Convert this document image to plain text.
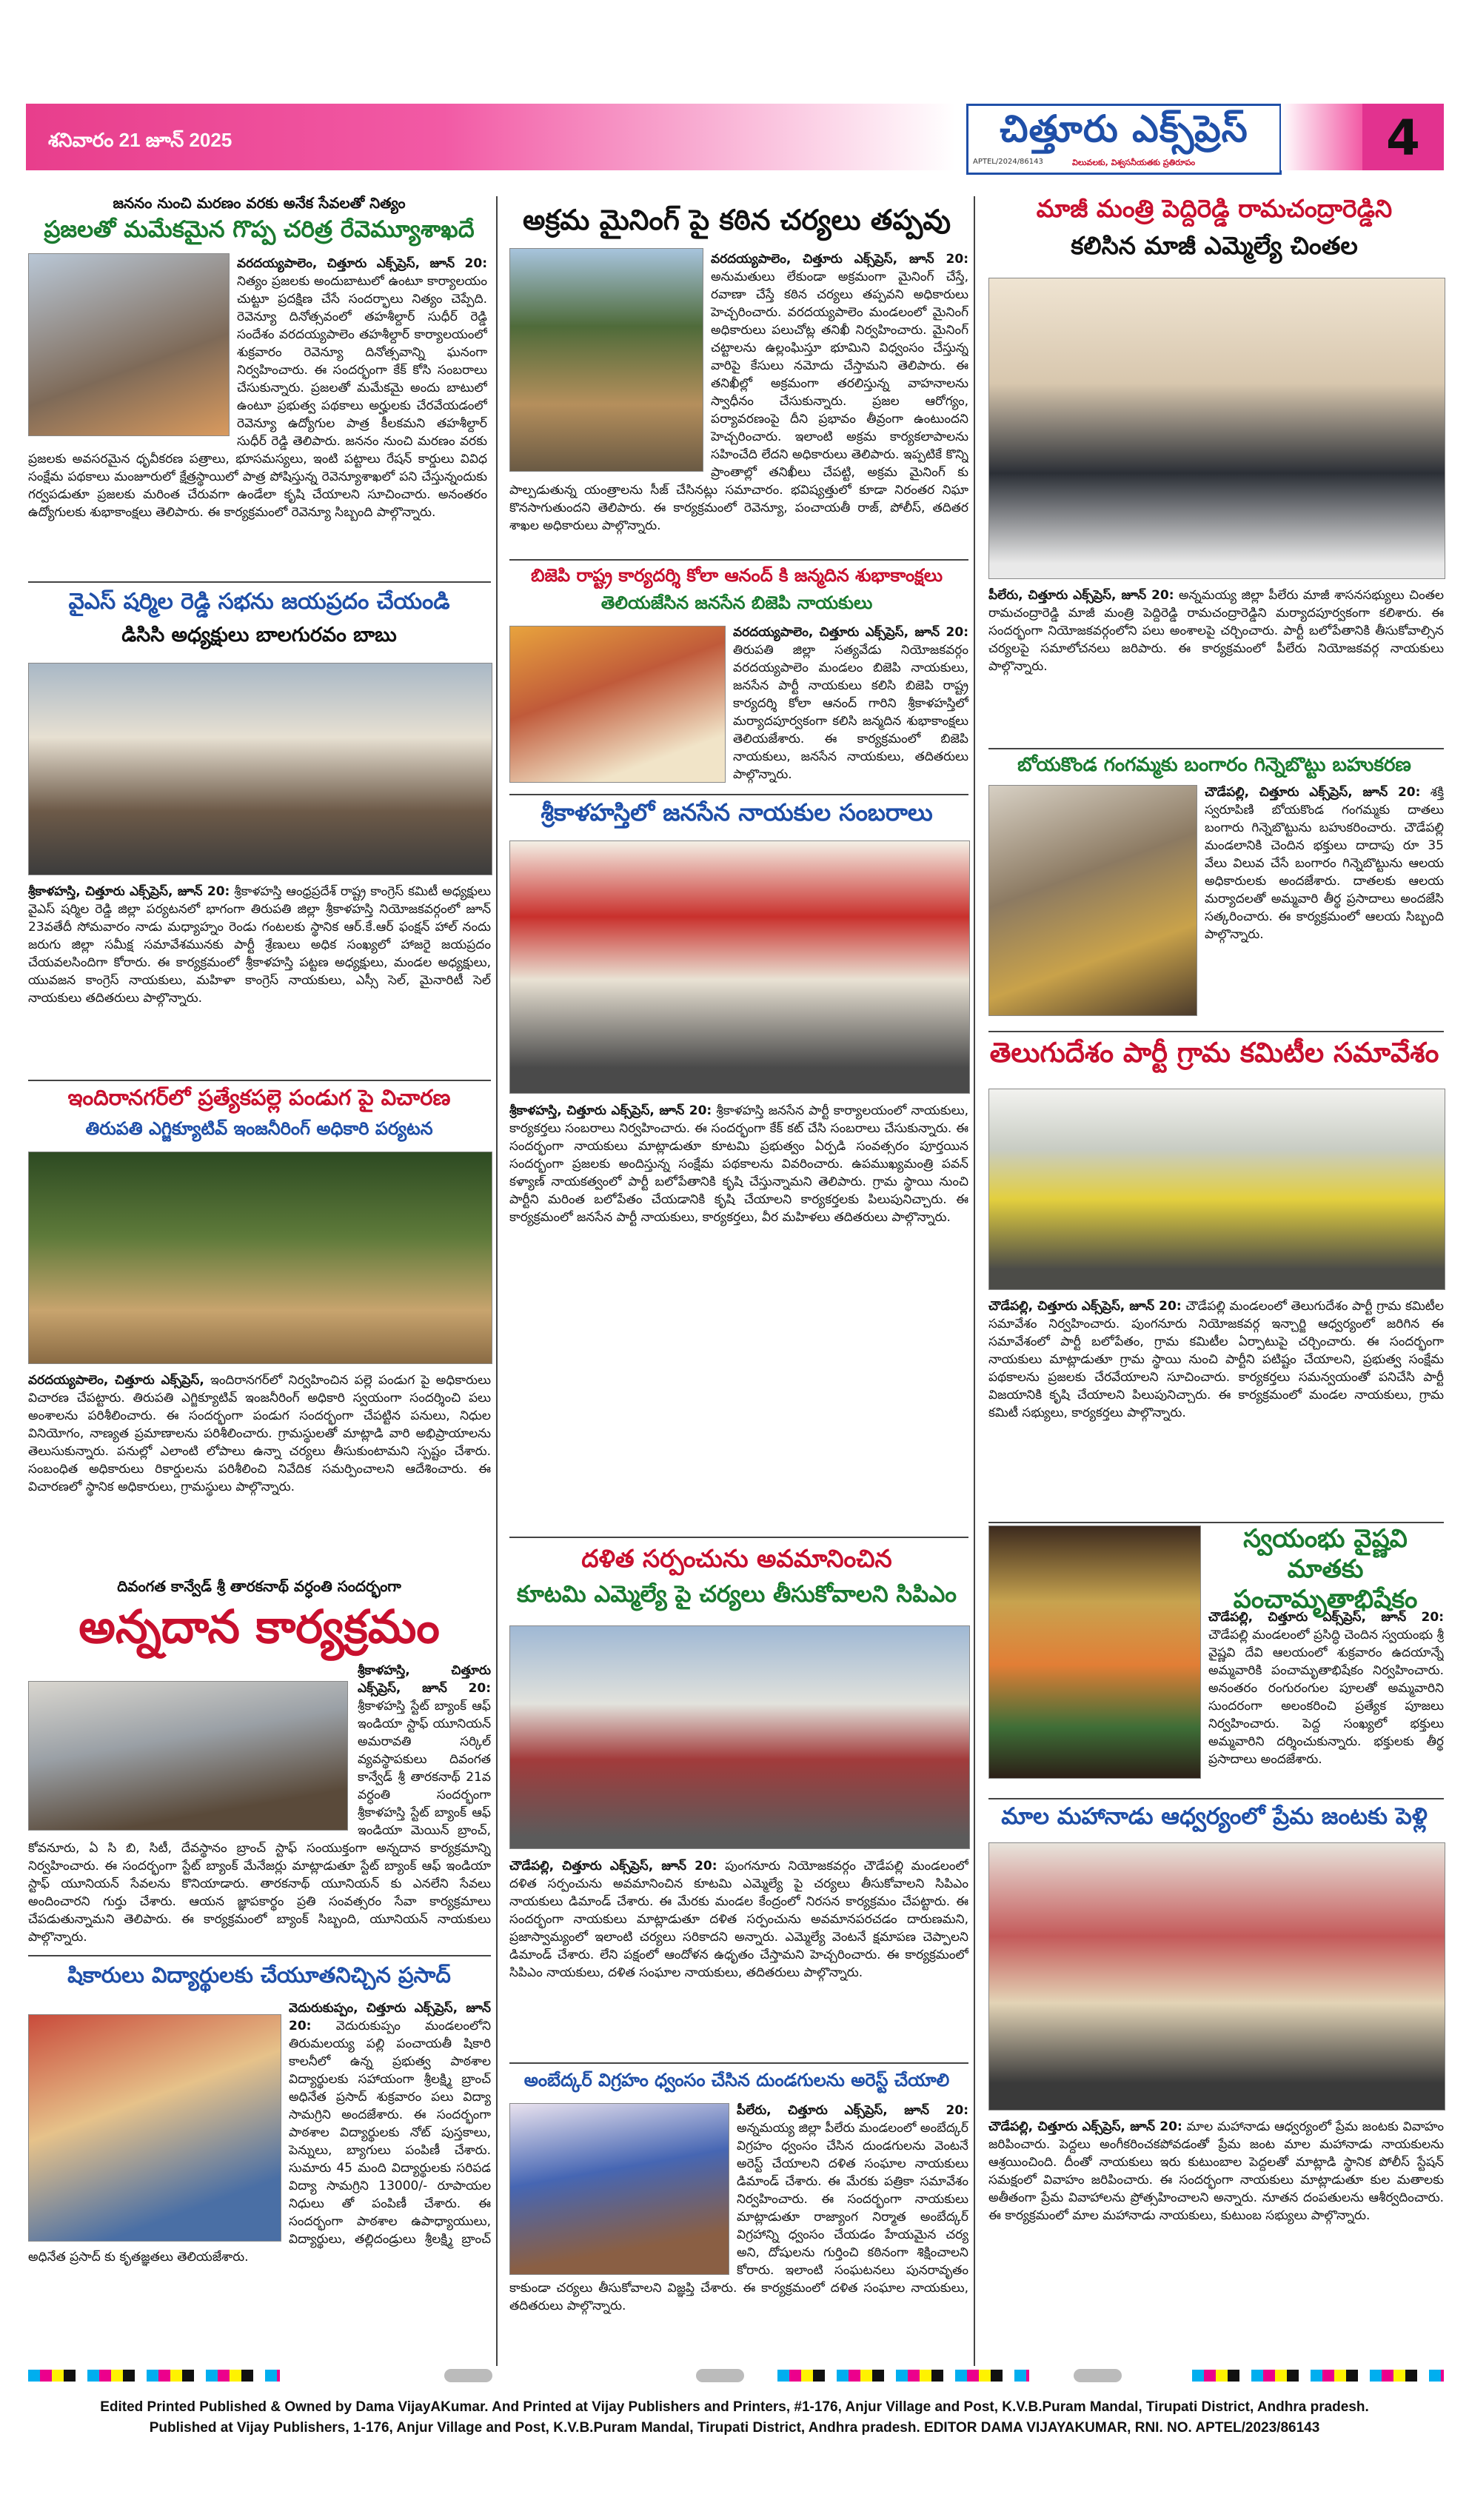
శనివారం 21 జూన్ 2025	చిత్తూరు ఎక్స్‌ప్రెస్
APTEL/2024/86143	విలువలకు, విశ్వసనీయతకు ప్రతిరూపం	4
జననం నుంచి మరణం వరకు అనేక సేవలతో నిత్యం
ప్రజలతో మమేకమైన గొప్ప చరిత్ర రేవెమ్యూశాఖదే
వరదయ్యపాలెం, చిత్తూరు ఎక్స్‌ప్రెస్, జూన్ 20: నిత్యం ప్రజలకు అందుబాటులో ఉంటూ కార్యాలయం చుట్టూ ప్రదక్షిణ చేసే సందర్భాలు నిత్యం చెప్పేది. రెవెన్యూ దినోత్సవంలో తహశీల్దార్ సుధీర్ రెడ్డి సందేశం వరదయ్యపాలెం తహశీల్దార్ కార్యాలయంలో శుక్రవారం రెవెన్యూ దినోత్సవాన్ని ఘనంగా నిర్వహించారు. ఈ సందర్భంగా కేక్ కోసి సంబరాలు చేసుకున్నారు. ప్రజలతో మమేకమై అందు బాటులో ఉంటూ ప్రభుత్వ పథకాలు అర్హులకు చేరవేయడంలో రెవెన్యూ ఉద్యోగుల పాత్ర కీలకమని తహశీల్దార్ సుధీర్ రెడ్డి తెలిపారు. జననం నుంచి మరణం వరకు ప్రజలకు అవసరమైన ధృవీకరణ పత్రాలు, భూసమస్యలు, ఇంటి పట్టాలు రేషన్ కార్డులు వివిధ సంక్షేమ పథకాలు మంజూరులో క్షేత్రస్థాయిలో పాత్ర పోషిస్తున్న రెవెన్యూశాఖలో పని చేస్తున్నందుకు గర్వపడుతూ ప్రజలకు మరింత చేరువగా ఉండేలా కృషి చేయాలని సూచించారు. అనంతరం ఉద్యోగులకు శుభాకాంక్షలు తెలిపారు. ఈ కార్యక్రమంలో రెవెన్యూ సిబ్బంది పాల్గొన్నారు.
వైఎస్ షర్మిల రెడ్డి సభను జయప్రదం చేయండి
డిసిసి అధ్యక్షులు బాలగురవం బాబు
శ్రీకాళహస్తి, చిత్తూరు ఎక్స్‌ప్రెస్, జూన్ 20: శ్రీకాళహస్తి ఆంధ్రప్రదేశ్ రాష్ట్ర కాంగ్రెస్ కమిటీ అధ్యక్షులు వైఎస్ షర్మిల రెడ్డి జిల్లా పర్యటనలో భాగంగా తిరుపతి జిల్లా శ్రీకాళహస్తి నియోజకవర్గంలో జూన్ 23వతేదీ సోమవారం నాడు మధ్యాహ్నం రెండు గంటలకు స్థానిక ఆర్.కే.ఆర్ ఫంక్షన్ హాల్ నందు జరుగు జిల్లా సమీక్ష సమావేశమునకు పార్టీ శ్రేణులు అధిక సంఖ్యలో హాజరై జయప్రదం చేయవలసిందిగా కోరారు. ఈ కార్యక్రమంలో శ్రీకాళహస్తి పట్టణ అధ్యక్షులు, మండల అధ్యక్షులు, యువజన కాంగ్రెస్ నాయకులు, మహిళా కాంగ్రెస్ నాయకులు, ఎస్సీ సెల్, మైనారిటీ సెల్ నాయకులు తదితరులు పాల్గొన్నారు.
ఇందిరానగర్‌లో ప్రత్యేకపల్లె పండుగ పై విచారణ
తిరుపతి ఎగ్జిక్యూటివ్ ఇంజనీరింగ్ అధికారి పర్యటన
వరదయ్యపాలెం, చిత్తూరు ఎక్స్‌ప్రెస్, ఇందిరానగర్‌లో నిర్వహించిన పల్లె పండుగ పై అధికారులు విచారణ చేపట్టారు. తిరుపతి ఎగ్జిక్యూటివ్ ఇంజనీరింగ్ అధికారి స్వయంగా సందర్శించి పలు అంశాలను పరిశీలించారు. ఈ సందర్భంగా పండుగ సందర్భంగా చేపట్టిన పనులు, నిధుల వినియోగం, నాణ్యత ప్రమాణాలను పరిశీలించారు. గ్రామస్థులతో మాట్లాడి వారి అభిప్రాయాలను తెలుసుకున్నారు. పనుల్లో ఎలాంటి లోపాలు ఉన్నా చర్యలు తీసుకుంటామని స్పష్టం చేశారు. సంబంధిత అధికారులు రికార్డులను పరిశీలించి నివేదిక సమర్పించాలని ఆదేశించారు. ఈ విచారణలో స్థానిక అధికారులు, గ్రామస్థులు పాల్గొన్నారు.
దివంగత కాన్వేడ్ శ్రీ తారకనాథ్ వర్ధంతి సందర్భంగా
అన్నదాన కార్యక్రమం
శ్రీకాళహస్తి, చిత్తూరు ఎక్స్‌ప్రెస్, జూన్ 20: శ్రీకాళహస్తి స్టేట్ బ్యాంక్ ఆఫ్ ఇండియా స్టాఫ్ యూనియన్ అమరావతి సర్కిల్ వ్యవస్థాపకులు దివంగత కాన్వేడ్ శ్రీ తారకనాథ్ 21వ వర్ధంతి సందర్భంగా శ్రీకాళహస్తి స్టేట్ బ్యాంక్ ఆఫ్ ఇండియా మెయిన్ బ్రాంచ్, కోవనూరు, ఏ సి బి, సిటీ, దేవస్థానం బ్రాంచ్ స్టాఫ్ సంయుక్తంగా అన్నదాన కార్యక్రమాన్ని నిర్వహించారు. ఈ సందర్భంగా స్టేట్ బ్యాంక్ మేనేజర్లు మాట్లాడుతూ స్టేట్ బ్యాంక్ ఆఫ్ ఇండియా స్టాఫ్ యూనియన్ సేవలను కొనియాడారు. తారకనాథ్ యూనియన్ కు ఎనలేని సేవలు అందించారని గుర్తు చేశారు. ఆయన జ్ఞాపకార్థం ప్రతి సంవత్సరం సేవా కార్యక్రమాలు చేపడుతున్నామని తెలిపారు. ఈ కార్యక్రమంలో బ్యాంక్ సిబ్బంది, యూనియన్ నాయకులు పాల్గొన్నారు.
షికారులు విద్యార్థులకు చేయూతనిచ్చిన ప్రసాద్
వెదురుకుప్పం, చిత్తూరు ఎక్స్‌ప్రెస్, జూన్ 20: వెదురుకుప్పం మండలంలోని తిరుమలయ్య పల్లి పంచాయతీ షికారి కాలనీలో ఉన్న ప్రభుత్వ పాఠశాల విద్యార్థులకు సహాయంగా శ్రీలక్ష్మి బ్రాంచ్ అధినేత ప్రసాద్ శుక్రవారం పలు విద్యా సామగ్రిని అందజేశారు. ఈ సందర్భంగా పాఠశాల విద్యార్థులకు నోట్ పుస్తకాలు, పెన్నులు, బ్యాగులు పంపిణీ చేశారు. సుమారు 45 మంది విద్యార్థులకు సరిపడ విద్యా సామగ్రిని 13000/- రూపాయల నిధులు తో పంపిణీ చేశారు. ఈ సందర్భంగా పాఠశాల ఉపాధ్యాయులు, విద్యార్థులు, తల్లిదండ్రులు శ్రీలక్ష్మి బ్రాంచ్ అధినేత ప్రసాద్ కు కృతజ్ఞతలు తెలియజేశారు.
అక్రమ మైనింగ్ పై కఠిన చర్యలు తప్పవు
వరదయ్యపాలెం, చిత్తూరు ఎక్స్‌ప్రెస్, జూన్ 20: అనుమతులు లేకుండా అక్రమంగా మైనింగ్ చేస్తే, రవాణా చేస్తే కఠిన చర్యలు తప్పవని అధికారులు హెచ్చరించారు. వరదయ్యపాలెం మండలంలో మైనింగ్ అధికారులు పలుచోట్ల తనిఖీ నిర్వహించారు. మైనింగ్ చట్టాలను ఉల్లంఘిస్తూ భూమిని విధ్వంసం చేస్తున్న వారిపై కేసులు నమోదు చేస్తామని తెలిపారు. ఈ తనిఖీల్లో అక్రమంగా తరలిస్తున్న వాహనాలను స్వాధీనం చేసుకున్నారు. ప్రజల ఆరోగ్యం, పర్యావరణంపై దీని ప్రభావం తీవ్రంగా ఉంటుందని హెచ్చరించారు. ఇలాంటి అక్రమ కార్యకలాపాలను సహించేది లేదని అధికారులు తెలిపారు. ఇప్పటికే కొన్ని ప్రాంతాల్లో తనిఖీలు చేపట్టి, అక్రమ మైనింగ్ కు పాల్పడుతున్న యంత్రాలను సీజ్ చేసినట్లు సమాచారం. భవిష్యత్తులో కూడా నిరంతర నిఘా కొనసాగుతుందని తెలిపారు. ఈ కార్యక్రమంలో రెవెన్యూ, పంచాయతీ రాజ్, పోలీస్, తదితర శాఖల అధికారులు పాల్గొన్నారు.
బిజెపి రాష్ట్ర కార్యదర్శి కోలా ఆనంద్ కి జన్మదిన శుభాకాంక్షలు
తెలియజేసిన జనసేన బిజెపి నాయకులు
వరదయ్యపాలెం, చిత్తూరు ఎక్స్‌ప్రెస్, జూన్ 20: తిరుపతి జిల్లా సత్యవేడు నియోజకవర్గం వరదయ్యపాలెం మండలం బిజెపి నాయకులు, జనసేన పార్టీ నాయకులు కలిసి బిజెపి రాష్ట్ర కార్యదర్శి కోలా ఆనంద్ గారిని శ్రీకాళహస్తిలో మర్యాదపూర్వకంగా కలిసి జన్మదిన శుభాకాంక్షలు తెలియజేశారు. ఈ కార్యక్రమంలో బిజెపి నాయకులు, జనసేన నాయకులు, తదితరులు పాల్గొన్నారు.
శ్రీకాళహస్తిలో జనసేన నాయకుల సంబరాలు
శ్రీకాళహస్తి, చిత్తూరు ఎక్స్‌ప్రెస్, జూన్ 20: శ్రీకాళహస్తి జనసేన పార్టీ కార్యాలయంలో నాయకులు, కార్యకర్తలు సంబరాలు నిర్వహించారు. ఈ సందర్భంగా కేక్ కట్ చేసి సంబరాలు చేసుకున్నారు. ఈ సందర్భంగా నాయకులు మాట్లాడుతూ కూటమి ప్రభుత్వం ఏర్పడి సంవత్సరం పూర్తయిన సందర్భంగా ప్రజలకు అందిస్తున్న సంక్షేమ పథకాలను వివరించారు. ఉపముఖ్యమంత్రి పవన్ కళ్యాణ్ నాయకత్వంలో పార్టీ బలోపేతానికి కృషి చేస్తున్నామని తెలిపారు. గ్రామ స్థాయి నుంచి పార్టీని మరింత బలోపేతం చేయడానికి కృషి చేయాలని కార్యకర్తలకు పిలుపునిచ్చారు. ఈ కార్యక్రమంలో జనసేన పార్టీ నాయకులు, కార్యకర్తలు, వీర మహిళలు తదితరులు పాల్గొన్నారు.
దళిత సర్పంచును అవమానించిన
కూటమి ఎమ్మెల్యే పై చర్యలు తీసుకోవాలని సిపిఎం
చౌడేపల్లి, చిత్తూరు ఎక్స్‌ప్రెస్, జూన్ 20: పుంగనూరు నియోజకవర్గం చౌడేపల్లి మండలంలో దళిత సర్పంచును అవమానించిన కూటమి ఎమ్మెల్యే పై చర్యలు తీసుకోవాలని సిపిఎం నాయకులు డిమాండ్ చేశారు. ఈ మేరకు మండల కేంద్రంలో నిరసన కార్యక్రమం చేపట్టారు. ఈ సందర్భంగా నాయకులు మాట్లాడుతూ దళిత సర్పంచును అవమానపరచడం దారుణమని, ప్రజాస్వామ్యంలో ఇలాంటి చర్యలు సరికాదని అన్నారు. ఎమ్మెల్యే వెంటనే క్షమాపణ చెప్పాలని డిమాండ్ చేశారు. లేని పక్షంలో ఆందోళన ఉధృతం చేస్తామని హెచ్చరించారు. ఈ కార్యక్రమంలో సిపిఎం నాయకులు, దళిత సంఘాల నాయకులు, తదితరులు పాల్గొన్నారు.
అంబేద్కర్ విగ్రహం ధ్వంసం చేసిన దుండగులను అరెస్ట్ చేయాలి
పీలేరు, చిత్తూరు ఎక్స్‌ప్రెస్, జూన్ 20: అన్నమయ్య జిల్లా పీలేరు మండలంలో అంబేద్కర్ విగ్రహం ధ్వంసం చేసిన దుండగులను వెంటనే అరెస్ట్ చేయాలని దళిత సంఘాల నాయకులు డిమాండ్ చేశారు. ఈ మేరకు పత్రికా సమావేశం నిర్వహించారు. ఈ సందర్భంగా నాయకులు మాట్లాడుతూ రాజ్యాంగ నిర్మాత అంబేద్కర్ విగ్రహాన్ని ధ్వంసం చేయడం హేయమైన చర్య అని, దోషులను గుర్తించి కఠినంగా శిక్షించాలని కోరారు. ఇలాంటి సంఘటనలు పునరావృతం కాకుండా చర్యలు తీసుకోవాలని విజ్ఞప్తి చేశారు. ఈ కార్యక్రమంలో దళిత సంఘాల నాయకులు, తదితరులు పాల్గొన్నారు.
మాజీ మంత్రి పెద్దిరెడ్డి రామచంద్రారెడ్డిని
కలిసిన మాజీ ఎమ్మెల్యే చింతల
పీలేరు, చిత్తూరు ఎక్స్‌ప్రెస్, జూన్ 20: అన్నమయ్య జిల్లా పీలేరు మాజీ శాసనసభ్యులు చింతల రామచంద్రారెడ్డి మాజీ మంత్రి పెద్దిరెడ్డి రామచంద్రారెడ్డిని మర్యాదపూర్వకంగా కలిశారు. ఈ సందర్భంగా నియోజకవర్గంలోని పలు అంశాలపై చర్చించారు. పార్టీ బలోపేతానికి తీసుకోవాల్సిన చర్యలపై సమాలోచనలు జరిపారు. ఈ కార్యక్రమంలో పీలేరు నియోజకవర్గ నాయకులు పాల్గొన్నారు.
బోయకొండ గంగమ్మకు బంగారం గిన్నెబొట్టు బహుకరణ
చౌడేపల్లి, చిత్తూరు ఎక్స్‌ప్రెస్, జూన్ 20: శక్తి స్వరూపిణి బోయకొండ గంగమ్మకు దాతలు బంగారు గిన్నెబొట్టును బహుకరించారు. చౌడేపల్లి మండలానికి చెందిన భక్తులు దాదాపు రూ 35 వేలు విలువ చేసే బంగారం గిన్నెబొట్టును ఆలయ అధికారులకు అందజేశారు. దాతలకు ఆలయ మర్యాదలతో అమ్మవారి తీర్థ ప్రసాదాలు అందజేసి సత్కరించారు. ఈ కార్యక్రమంలో ఆలయ సిబ్బంది పాల్గొన్నారు.
తెలుగుదేశం పార్టీ గ్రామ కమిటీల సమావేశం
చౌడేపల్లి, చిత్తూరు ఎక్స్‌ప్రెస్, జూన్ 20: చౌడేపల్లి మండలంలో తెలుగుదేశం పార్టీ గ్రామ కమిటీల సమావేశం నిర్వహించారు. పుంగనూరు నియోజకవర్గ ఇన్చార్జి ఆధ్వర్యంలో జరిగిన ఈ సమావేశంలో పార్టీ బలోపేతం, గ్రామ కమిటీల ఏర్పాటుపై చర్చించారు. ఈ సందర్భంగా నాయకులు మాట్లాడుతూ గ్రామ స్థాయి నుంచి పార్టీని పటిష్టం చేయాలని, ప్రభుత్వ సంక్షేమ పథకాలను ప్రజలకు చేరవేయాలని సూచించారు. కార్యకర్తలు సమన్వయంతో పనిచేసి పార్టీ విజయానికి కృషి చేయాలని పిలుపునిచ్చారు. ఈ కార్యక్రమంలో మండల నాయకులు, గ్రామ కమిటీ సభ్యులు, కార్యకర్తలు పాల్గొన్నారు.
స్వయంభు వైష్ణవి మాతకు పంచామృతాభిషేకం
చౌడేపల్లి, చిత్తూరు ఎక్స్‌ప్రెస్, జూన్ 20: చౌడేపల్లి మండలంలో ప్రసిద్ధి చెందిన స్వయంభు శ్రీ వైష్ణవి దేవి ఆలయంలో శుక్రవారం ఉదయాన్నే అమ్మవారికి పంచామృతాభిషేకం నిర్వహించారు. అనంతరం రంగురంగుల పూలతో అమ్మవారిని సుందరంగా అలంకరించి ప్రత్యేక పూజలు నిర్వహించారు. పెద్ద సంఖ్యలో భక్తులు అమ్మవారిని దర్శించుకున్నారు. భక్తులకు తీర్థ ప్రసాదాలు అందజేశారు.
మాల మహానాడు ఆధ్వర్యంలో ప్రేమ జంటకు పెళ్లి
చౌడేపల్లి, చిత్తూరు ఎక్స్‌ప్రెస్, జూన్ 20: మాల మహానాడు ఆధ్వర్యంలో ప్రేమ జంటకు వివాహం జరిపించారు. పెద్దలు అంగీకరించకపోవడంతో ప్రేమ జంట మాల మహానాడు నాయకులను ఆశ్రయించింది. దీంతో నాయకులు ఇరు కుటుంబాల పెద్దలతో మాట్లాడి స్థానిక పోలీస్ స్టేషన్ సమక్షంలో వివాహం జరిపించారు. ఈ సందర్భంగా నాయకులు మాట్లాడుతూ కుల మతాలకు అతీతంగా ప్రేమ వివాహాలను ప్రోత్సహించాలని అన్నారు. నూతన దంపతులను ఆశీర్వదించారు. ఈ కార్యక్రమంలో మాల మహానాడు నాయకులు, కుటుంబ సభ్యులు పాల్గొన్నారు.
Edited Printed Published & Owned by Dama VijayAKumar. And Printed at Vijay Publishers and Printers, #1-176, Anjur Village and Post, K.V.B.Puram Mandal, Tirupati District, Andhra pradesh.
Published at Vijay Publishers, 1-176, Anjur Village and Post, K.V.B.Puram Mandal, Tirupati District, Andhra pradesh. EDITOR DAMA VIJAYAKUMAR, RNI. NO. APTEL/2023/86143
